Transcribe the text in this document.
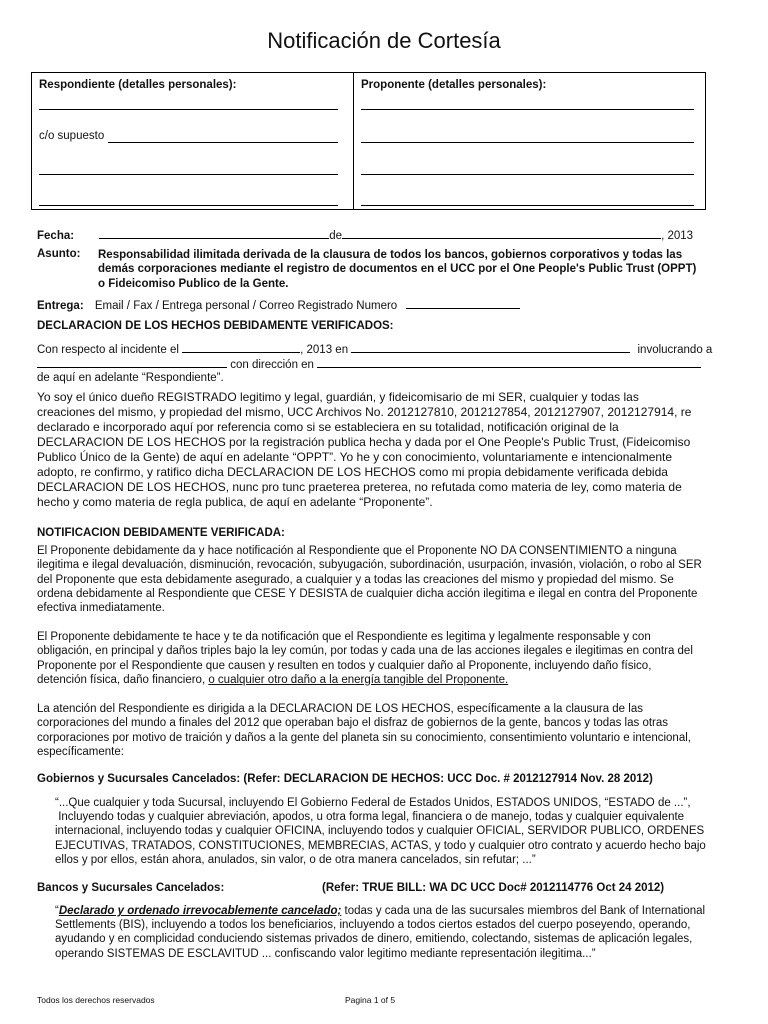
Notificación de Cortesía
Respondiente (detalles personales):
c/o supuesto
Proponente (detalles personales):
Fecha:	de	, 2013
Asunto: Responsabilidad ilimitada derivada de la clausura de todos los bancos, gobiernos corporativos y todas las
demás corporaciones mediante el registro de documentos en el UCC por el One People's Public Trust (OPPT)
o Fideicomiso Publico de la Gente.
Entrega: Email / Fax / Entrega personal / Correo Registrado Numero
DECLARACION DE LOS HECHOS DEBIDAMENTE VERIFICADOS:
Con respecto al incidente el	, 2013 en	involucrando a
con dirección en
de aquí en adelante “Respondiente”.
Yo soy el único dueño REGISTRADO legitimo y legal, guardián, y fideicomisario de mi SER, cualquier y todas las
creaciones del mismo, y propiedad del mismo, UCC Archivos No. 2012127810, 2012127854, 2012127907, 2012127914, re
declarado e incorporado aquí por referencia como si se estableciera en su totalidad, notificación original de la
DECLARACION DE LOS HECHOS por la registración publica hecha y dada por el One People's Public Trust, (Fideicomiso
Publico Único de la Gente) de aquí en adelante “OPPT”. Yo he y con conocimiento, voluntariamente e intencionalmente
adopto, re confirmo, y ratifico dicha DECLARACION DE LOS HECHOS como mi propia debidamente verificada debida
DECLARACION DE LOS HECHOS, nunc pro tunc praeterea preterea, no refutada como materia de ley, como materia de
hecho y como materia de regla publica, de aquí en adelante “Proponente”.
NOTIFICACION DEBIDAMENTE VERIFICADA:
El Proponente debidamente da y hace notificación al Respondiente que el Proponente NO DA CONSENTIMIENTO a ninguna
ilegitima e ilegal devaluación, disminución, revocación, subyugación, subordinación, usurpación, invasión, violación, o robo al SER
del Proponente que esta debidamente asegurado, a cualquier y a todas las creaciones del mismo y propiedad del mismo. Se
ordena debidamente al Respondiente que CESE Y DESISTA de cualquier dicha acción ilegitima e ilegal en contra del Proponente
efectiva inmediatamente.
El Proponente debidamente te hace y te da notificación que el Respondiente es legitima y legalmente responsable y con
obligación, en principal y daños triples bajo la ley común, por todas y cada una de las acciones ilegales e ilegitimas en contra del
Proponente por el Respondiente que causen y resulten en todos y cualquier daño al Proponente, incluyendo daño físico,
detención física, daño financiero, o cualquier otro daño a la energía tangible del Proponente.
La atención del Respondiente es dirigida a la DECLARACION DE LOS HECHOS, específicamente a la clausura de las
corporaciones del mundo a finales del 2012 que operaban bajo el disfraz de gobiernos de la gente, bancos y todas las otras
corporaciones por motivo de traición y daños a la gente del planeta sin su conocimiento, consentimiento voluntario e intencional,
específicamente:
Gobiernos y Sucursales Cancelados: (Refer: DECLARACION DE HECHOS: UCC Doc. # 2012127914 Nov. 28 2012)
“...Que cualquier y toda Sucursal, incluyendo El Gobierno Federal de Estados Unidos, ESTADOS UNIDOS, “ESTADO de ...”,
Incluyendo todas y cualquier abreviación, apodos, u otra forma legal, financiera o de manejo, todas y cualquier equivalente
internacional, incluyendo todas y cualquier OFICINA, incluyendo todos y cualquier OFICIAL, SERVIDOR PUBLICO, ORDENES
EJECUTIVAS, TRATADOS, CONSTITUCIONES, MEMBRECIAS, ACTAS, y todo y cualquier otro contrato y acuerdo hecho bajo
ellos y por ellos, están ahora, anulados, sin valor, o de otra manera cancelados, sin refutar; ...”
Bancos y Sucursales Cancelados:	(Refer: TRUE BILL: WA DC UCC Doc# 2012114776 Oct 24 2012)
“Declarado y ordenado irrevocablemente cancelado; todas y cada una de las sucursales miembros del Bank of International
Settlements (BIS), incluyendo a todos los beneficiarios, incluyendo a todos ciertos estados del cuerpo poseyendo, operando,
ayudando y en complicidad conduciendo sistemas privados de dinero, emitiendo, colectando, sistemas de aplicación legales,
operando SISTEMAS DE ESCLAVITUD ... confiscando valor legitimo mediante representación ilegitima...”
Todos los derechos reservados	Pagina 1 of 5
